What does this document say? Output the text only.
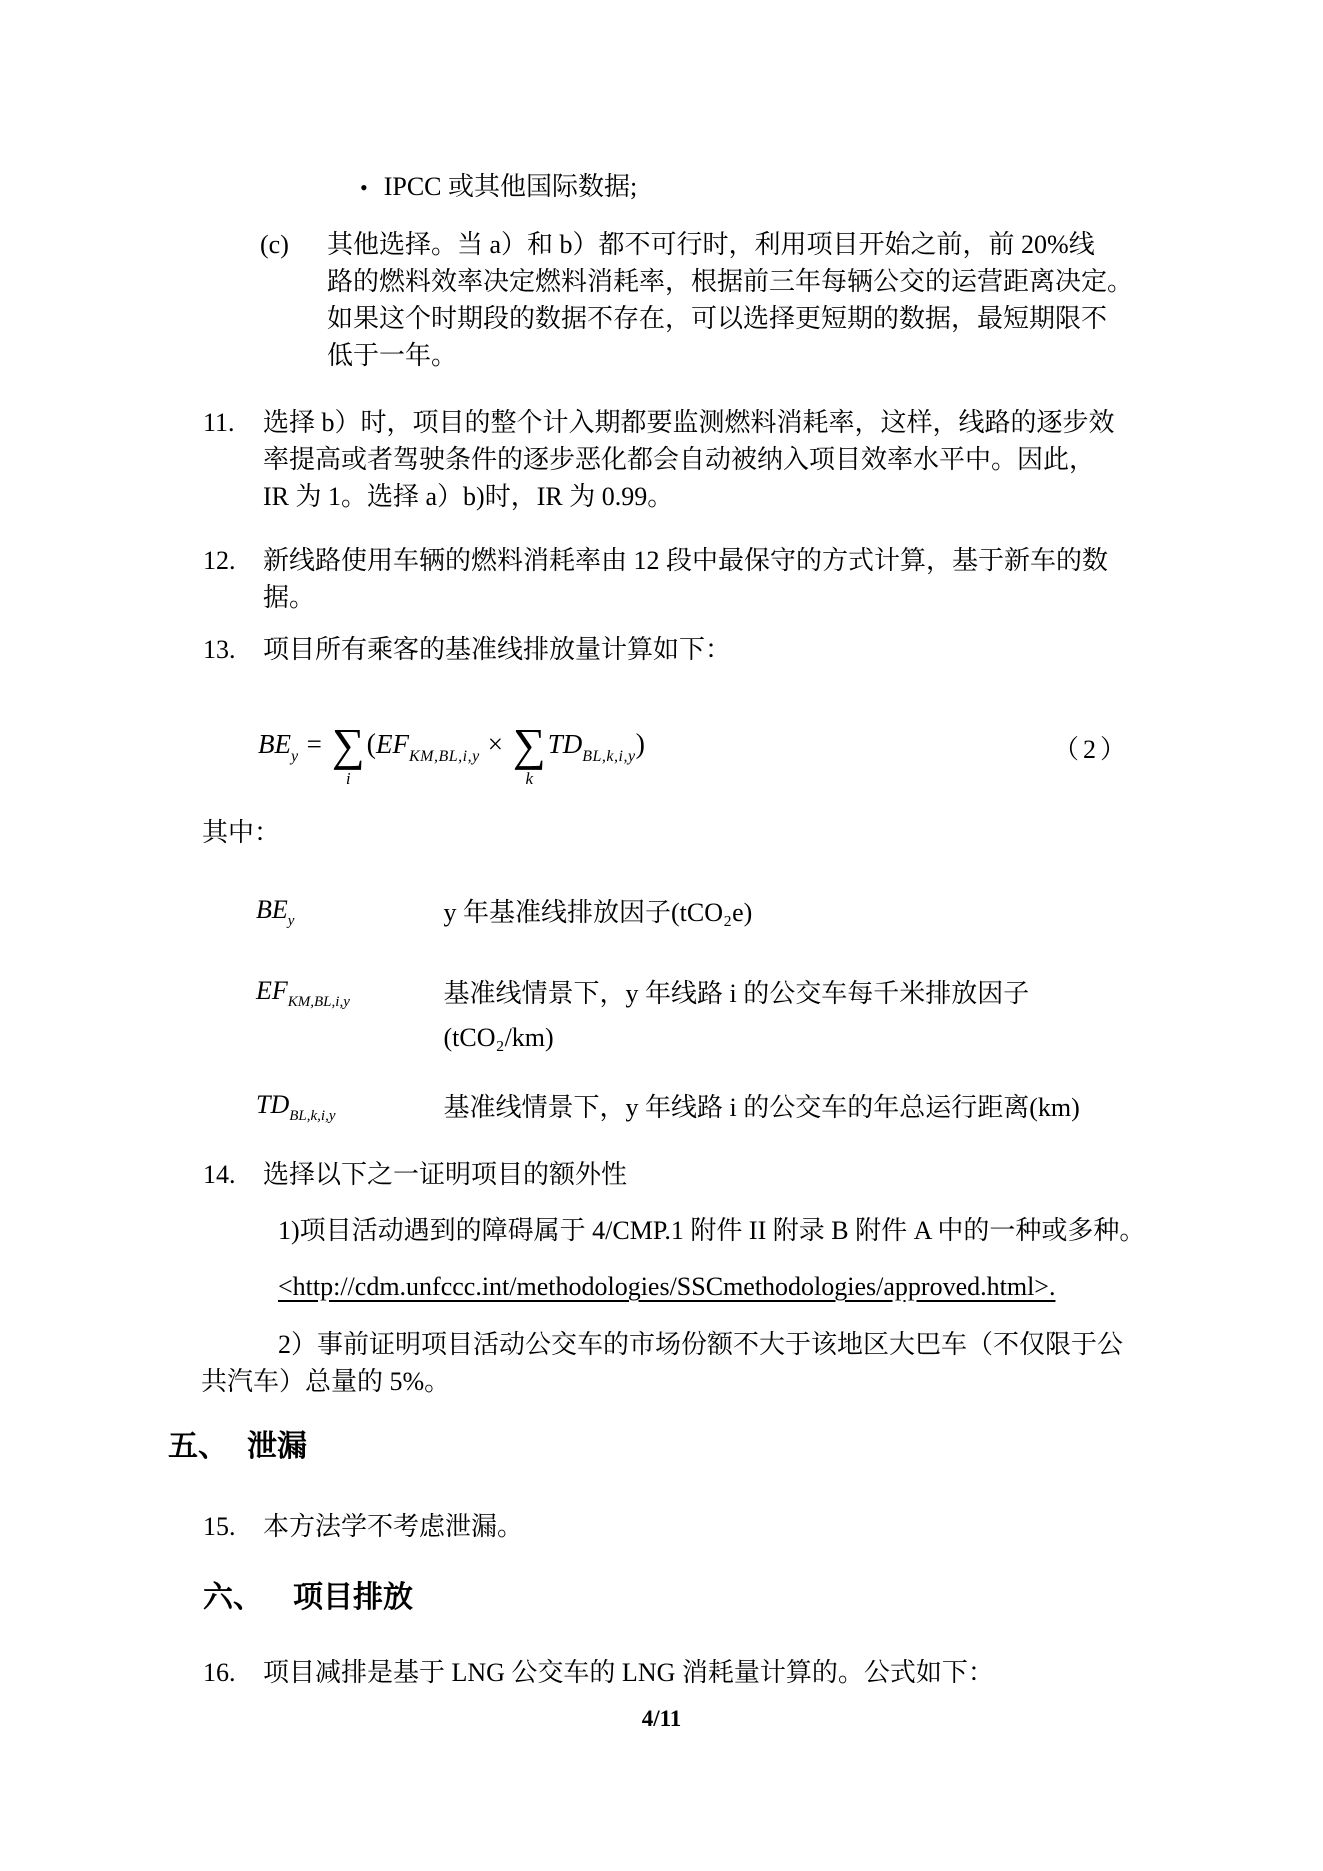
• IPCC 或其他国际数据;
(c) 其他选择。当 a）和 b）都不可行时，利用项目开始之前，前 20%线
路的燃料效率决定燃料消耗率，根据前三年每辆公交的运营距离决定。
如果这个时期段的数据不存在，可以选择更短期的数据，最短期限不
低于一年。
11. 选择 b）时，项目的整个计入期都要监测燃料消耗率，这样，线路的逐步效
率提高或者驾驶条件的逐步恶化都会自动被纳入项目效率水平中。因此，
IR 为 1。选择 a）b)时，IR 为 0.99。
12. 新线路使用车辆的燃料消耗率由 12 段中最保守的方式计算，基于新车的数
据。
13. 项目所有乘客的基准线排放量计算如下：
$BE_y$ = ∑
i
( $EF_{KM,BL,i,y}$ × ∑
k
$TD_{BL,k,i,y}$ )	（2）
其中：
$BE_y$	y 年基准线排放因子(tCO₂e)
$EF_{KM,BL,i,y}$	基准线情景下，y 年线路 i 的公交车每千米排放因子
(tCO₂/km)
$TD_{BL,k,i,y}$	基准线情景下，y 年线路 i 的公交车的年总运行距离(km)
14. 选择以下之一证明项目的额外性
1)项目活动遇到的障碍属于 4/CMP.1 附件 II 附录 B 附件 A 中的一种或多种。
<http://cdm.unfccc.int/methodologies/SSCmethodologies/approved.html>.
2）事前证明项目活动公交车的市场份额不大于该地区大巴车（不仅限于公
共汽车）总量的 5%。
五、 泄漏
15. 本方法学不考虑泄漏。
六、	项目排放
16. 项目减排是基于 LNG 公交车的 LNG 消耗量计算的。公式如下：
4/11
